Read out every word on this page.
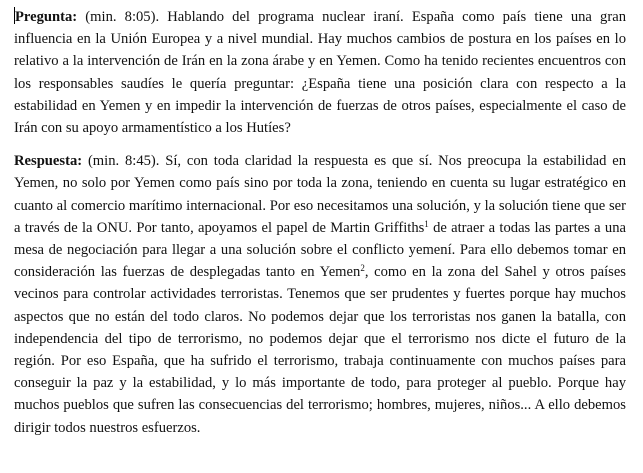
Pregunta: (min. 8:05). Hablando del programa nuclear iraní. España como país tiene una gran influencia en la Unión Europea y a nivel mundial. Hay muchos cambios de postura en los países en lo relativo a la intervención de Irán en la zona árabe y en Yemen. Como ha tenido recientes encuentros con los responsables saudíes le quería preguntar: ¿España tiene una posición clara con respecto a la estabilidad en Yemen y en impedir la intervención de fuerzas de otros países, especialmente el caso de Irán con su apoyo armamentístico a los Hutíes?

Respuesta: (min. 8:45). Sí, con toda claridad la respuesta es que sí. Nos preocupa la estabilidad en Yemen, no solo por Yemen como país sino por toda la zona, teniendo en cuenta su lugar estratégico en cuanto al comercio marítimo internacional. Por eso necesitamos una solución, y la solución tiene que ser a través de la ONU. Por tanto, apoyamos el papel de Martin Griffiths$^1$ de atraer a todas las partes a una mesa de negociación para llegar a una solución sobre el conflicto yemení. Para ello debemos tomar en consideración las fuerzas de desplegadas tanto en Yemen$^2$, como en la zona del Sahel y otros países vecinos para controlar actividades terroristas. Tenemos que ser prudentes y fuertes porque hay muchos aspectos que no están del todo claros. No podemos dejar que los terroristas nos ganen la batalla, con independencia del tipo de terrorismo, no podemos dejar que el terrorismo nos dicte el futuro de la región. Por eso España, que ha sufrido el terrorismo, trabaja continuamente con muchos países para conseguir la paz y la estabilidad, y lo más importante de todo, para proteger al pueblo. Porque hay muchos pueblos que sufren las consecuencias del terrorismo; hombres, mujeres, niños... A ello debemos dirigir todos nuestros esfuerzos.
